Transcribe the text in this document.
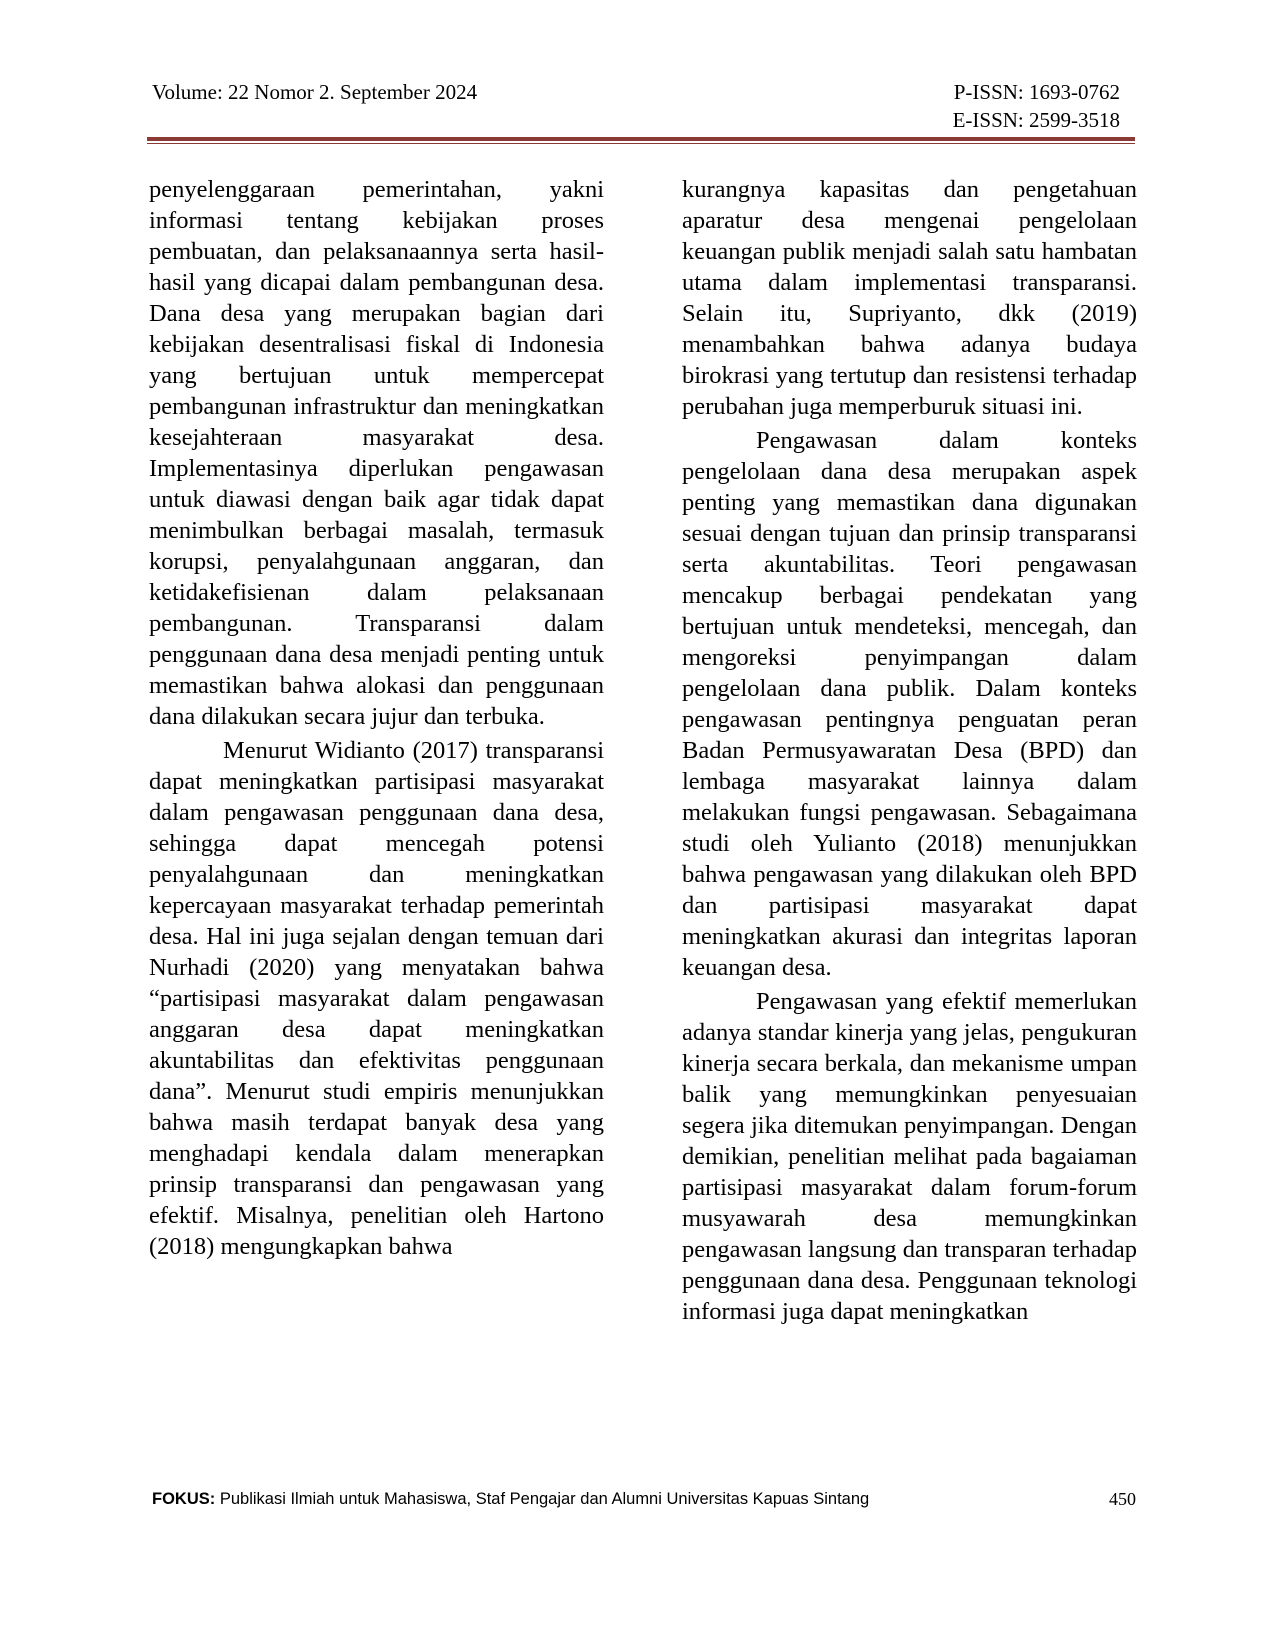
Volume: 22 Nomor 2. September 2024	P-ISSN: 1693-0762
E-ISSN: 2599-3518

penyelenggaraan pemerintahan, yakni informasi tentang kebijakan proses pembuatan, dan pelaksanaannya serta hasil-hasil yang dicapai dalam pembangunan desa. Dana desa yang merupakan bagian dari kebijakan desentralisasi fiskal di Indonesia yang bertujuan untuk mempercepat pembangunan infrastruktur dan meningkatkan kesejahteraan masyarakat desa. Implementasinya diperlukan pengawasan untuk diawasi dengan baik agar tidak dapat menimbulkan berbagai masalah, termasuk korupsi, penyalahgunaan anggaran, dan ketidakefisienan dalam pelaksanaan pembangunan. Transparansi dalam penggunaan dana desa menjadi penting untuk memastikan bahwa alokasi dan penggunaan dana dilakukan secara jujur dan terbuka.

Menurut Widianto (2017) transparansi dapat meningkatkan partisipasi masyarakat dalam pengawasan penggunaan dana desa, sehingga dapat mencegah potensi penyalahgunaan dan meningkatkan kepercayaan masyarakat terhadap pemerintah desa. Hal ini juga sejalan dengan temuan dari Nurhadi (2020) yang menyatakan bahwa “partisipasi masyarakat dalam pengawasan anggaran desa dapat meningkatkan akuntabilitas dan efektivitas penggunaan dana”. Menurut studi empiris menunjukkan bahwa masih terdapat banyak desa yang menghadapi kendala dalam menerapkan prinsip transparansi dan pengawasan yang efektif. Misalnya, penelitian oleh Hartono (2018) mengungkapkan bahwa

kurangnya kapasitas dan pengetahuan aparatur desa mengenai pengelolaan keuangan publik menjadi salah satu hambatan utama dalam implementasi transparansi. Selain itu, Supriyanto, dkk (2019) menambahkan bahwa adanya budaya birokrasi yang tertutup dan resistensi terhadap perubahan juga memperburuk situasi ini.

Pengawasan dalam konteks pengelolaan dana desa merupakan aspek penting yang memastikan dana digunakan sesuai dengan tujuan dan prinsip transparansi serta akuntabilitas. Teori pengawasan mencakup berbagai pendekatan yang bertujuan untuk mendeteksi, mencegah, dan mengoreksi penyimpangan dalam pengelolaan dana publik. Dalam konteks pengawasan pentingnya penguatan peran Badan Permusyawaratan Desa (BPD) dan lembaga masyarakat lainnya dalam melakukan fungsi pengawasan. Sebagaimana studi oleh Yulianto (2018) menunjukkan bahwa pengawasan yang dilakukan oleh BPD dan partisipasi masyarakat dapat meningkatkan akurasi dan integritas laporan keuangan desa.

Pengawasan yang efektif memerlukan adanya standar kinerja yang jelas, pengukuran kinerja secara berkala, dan mekanisme umpan balik yang memungkinkan penyesuaian segera jika ditemukan penyimpangan. Dengan demikian, penelitian melihat pada bagaiaman partisipasi masyarakat dalam forum-forum musyawarah desa memungkinkan pengawasan langsung dan transparan terhadap penggunaan dana desa. Penggunaan teknologi informasi juga dapat meningkatkan

FOKUS: Publikasi Ilmiah untuk Mahasiswa, Staf Pengajar dan Alumni Universitas Kapuas Sintang	450
